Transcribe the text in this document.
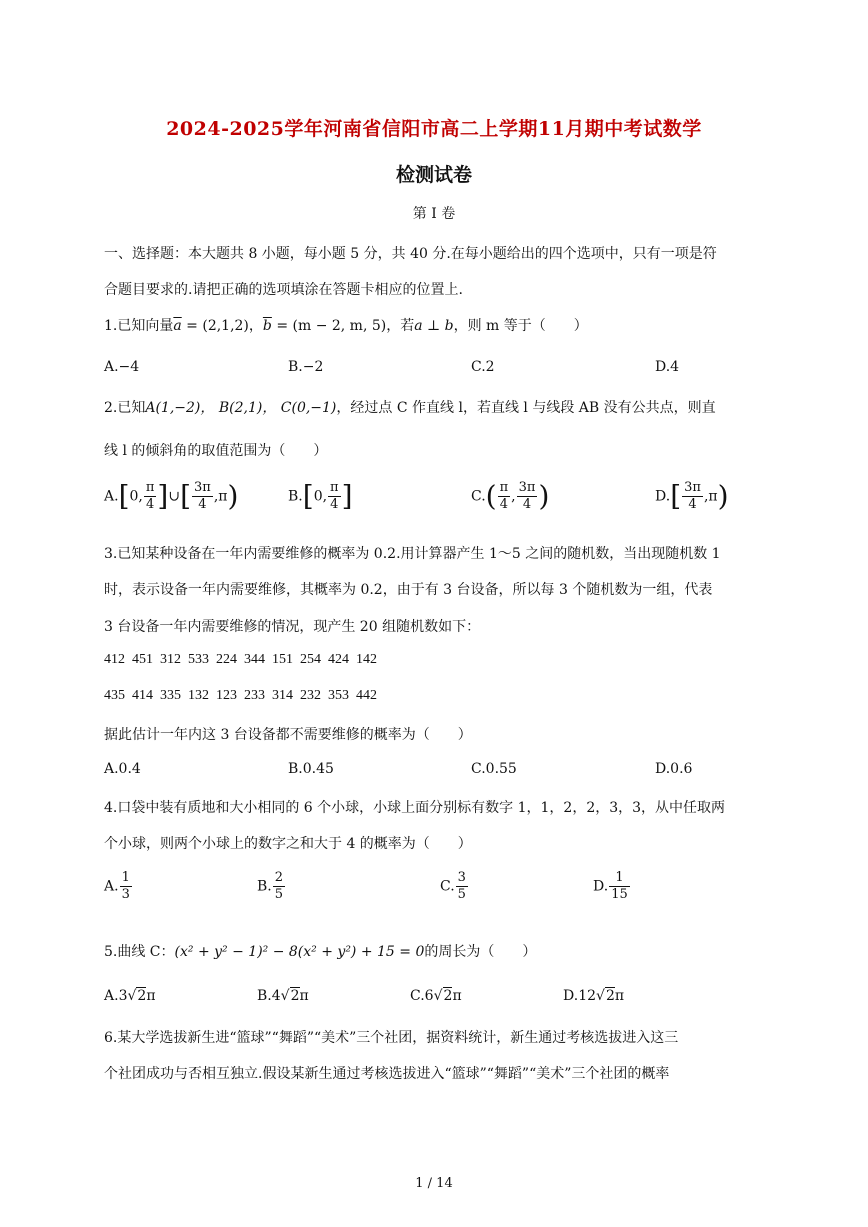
2024-2025学年河南省信阳市高二上学期11月期中考试数学
检测试卷
第 I 卷
一、选择题：本大题共 8 小题，每小题 5 分，共 40 分.在每小题给出的四个选项中，只有一项是符
合题目要求的.请把正确的选项填涂在答题卡相应的位置上.
1.已知向量$\overline{a} = (2,1,2)$，$\overline{b} = (m - 2$, m, 5)，若a ⊥ b，则 m 等于（　　）
A.−4	B.−2	C.2	D.4
2.已知A(1,−2)， B(2,1)， C(0,−1)，经过点 C 作直线 l，若直线 l 与线段 AB 没有公共点，则直
线 l 的倾斜角的取值范围为（　　）
A.[0, $\frac{\pi}{4}$ ]∪[ $\frac{3\pi}{4} ,\pi$)	B.[0, $\frac{\pi}{4}$ ]	$C.( \frac{\pi}{4}$ , $\frac{3\pi}{4}$ )	$D.[ \frac{3\pi}{4} ,\pi)$
3.已知某种设备在一年内需要维修的概率为 0.2.用计算器产生 1～5 之间的随机数，当出现随机数 1
时，表示设备一年内需要维修，其概率为 0.2，由于有 3 台设备，所以每 3 个随机数为一组，代表
3 台设备一年内需要维修的情况，现产生 20 组随机数如下：
412  451  312  533  224  344  151  254  424  142
435  414  335  132  123  233  314  232  353  442
据此估计一年内这 3 台设备都不需要维修的概率为（　　）
A.0.4	B.0.45	C.0.55	D.0.6
4.口袋中装有质地和大小相同的 6 个小球，小球上面分别标有数字 1，1，2，2，3，3，从中任取两
个小球，则两个小球上的数字之和大于 4 的概率为（　　）
A. $\frac{1}{3}$	B. $\frac{2}{5}$	C. $\frac{3}{5}$	D. $\frac{1}{15}$
5.曲线 C：(x² + y² − 1)² − 8(x² + y²) + 15 = 0的周长为（　　）
A.3√2π	B.4√2π	C.6√2π	D.12√2π
6.某大学选拔新生进“篮球”“舞蹈”“美术”三个社团，据资料统计，新生通过考核选拔进入这三
个社团成功与否相互独立.假设某新生通过考核选拔进入“篮球”“舞蹈”“美术”三个社团的概率
1 / 14
